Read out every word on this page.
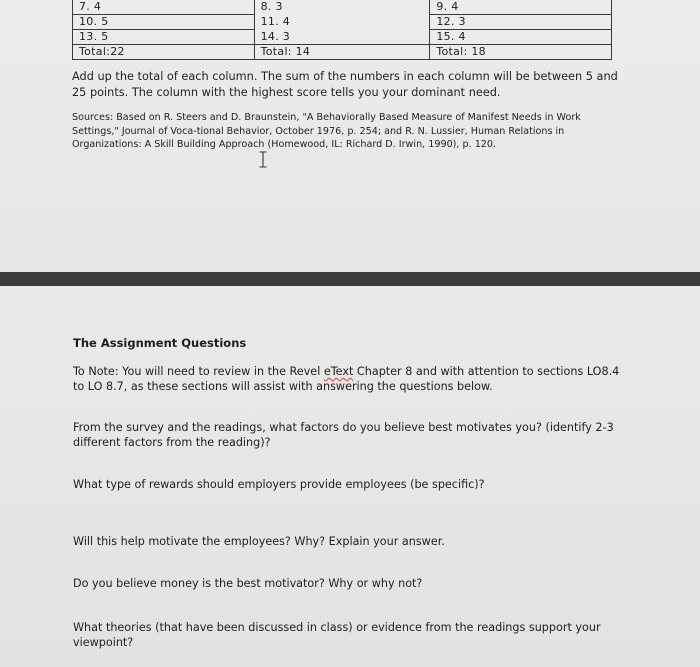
7. 4	8. 3	9. 4
10. 5	11. 4	12. 3
13. 5	14. 3	15. 4
Total:22	Total: 14	Total: 18

Add up the total of each column. The sum of the numbers in each column will be between 5 and 25 points. The column with the highest score tells you your dominant need.

Sources: Based on R. Steers and D. Braunstein, "A Behaviorally Based Measure of Manifest Needs in Work Settings," Journal of Voca-tional Behavior, October 1976, p. 254; and R. N. Lussier, Human Relations in Organizations: A Skill Building Approach (Homewood, IL: Richard D. Irwin, 1990), p. 120.

The Assignment Questions

To Note: You will need to review in the Revel eText Chapter 8 and with attention to sections LO8.4 to LO 8.7, as these sections will assist with answering the questions below.

From the survey and the readings, what factors do you believe best motivates you? (identify 2-3 different factors from the reading)?

What type of rewards should employers provide employees (be specific)?

Will this help motivate the employees? Why? Explain your answer.

Do you believe money is the best motivator? Why or why not?

What theories (that have been discussed in class) or evidence from the readings support your viewpoint?
